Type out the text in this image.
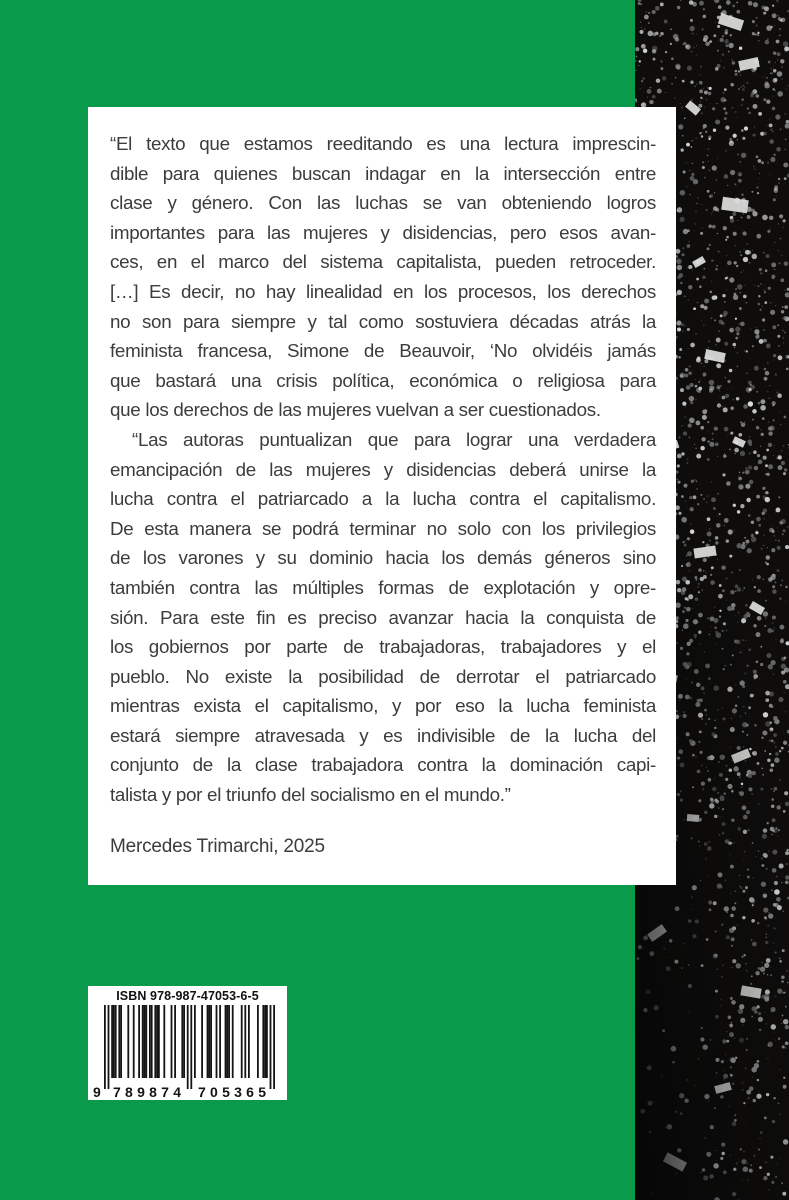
“El texto que estamos reeditando es una lectura imprescin-
dible para quienes buscan indagar en la intersección entre
clase y género. Con las luchas se van obteniendo logros
importantes para las mujeres y disidencias, pero esos avan-
ces, en el marco del sistema capitalista, pueden retroceder.
[…] Es decir, no hay linealidad en los procesos, los derechos
no son para siempre y tal como sostuviera décadas atrás la
feminista francesa, Simone de Beauvoir, ‘No olvidéis jamás
que bastará una crisis política, económica o religiosa para
que los derechos de las mujeres vuelvan a ser cuestionados.
“Las autoras puntualizan que para lograr una verdadera
emancipación de las mujeres y disidencias deberá unirse la
lucha contra el patriarcado a la lucha contra el capitalismo.
De esta manera se podrá terminar no solo con los privilegios
de los varones y su dominio hacia los demás géneros sino
también contra las múltiples formas de explotación y opre-
sión. Para este fin es preciso avanzar hacia la conquista de
los gobiernos por parte de trabajadoras, trabajadores y el
pueblo. No existe la posibilidad de derrotar el patriarcado
mientras exista el capitalismo, y por eso la lucha feminista
estará siempre atravesada y es indivisible de la lucha del
conjunto de la clase trabajadora contra la dominación capi-
talista y por el triunfo del socialismo en el mundo.”

Mercedes Trimarchi, 2025

ISBN 978-987-47053-6-5
9 789874 705365
